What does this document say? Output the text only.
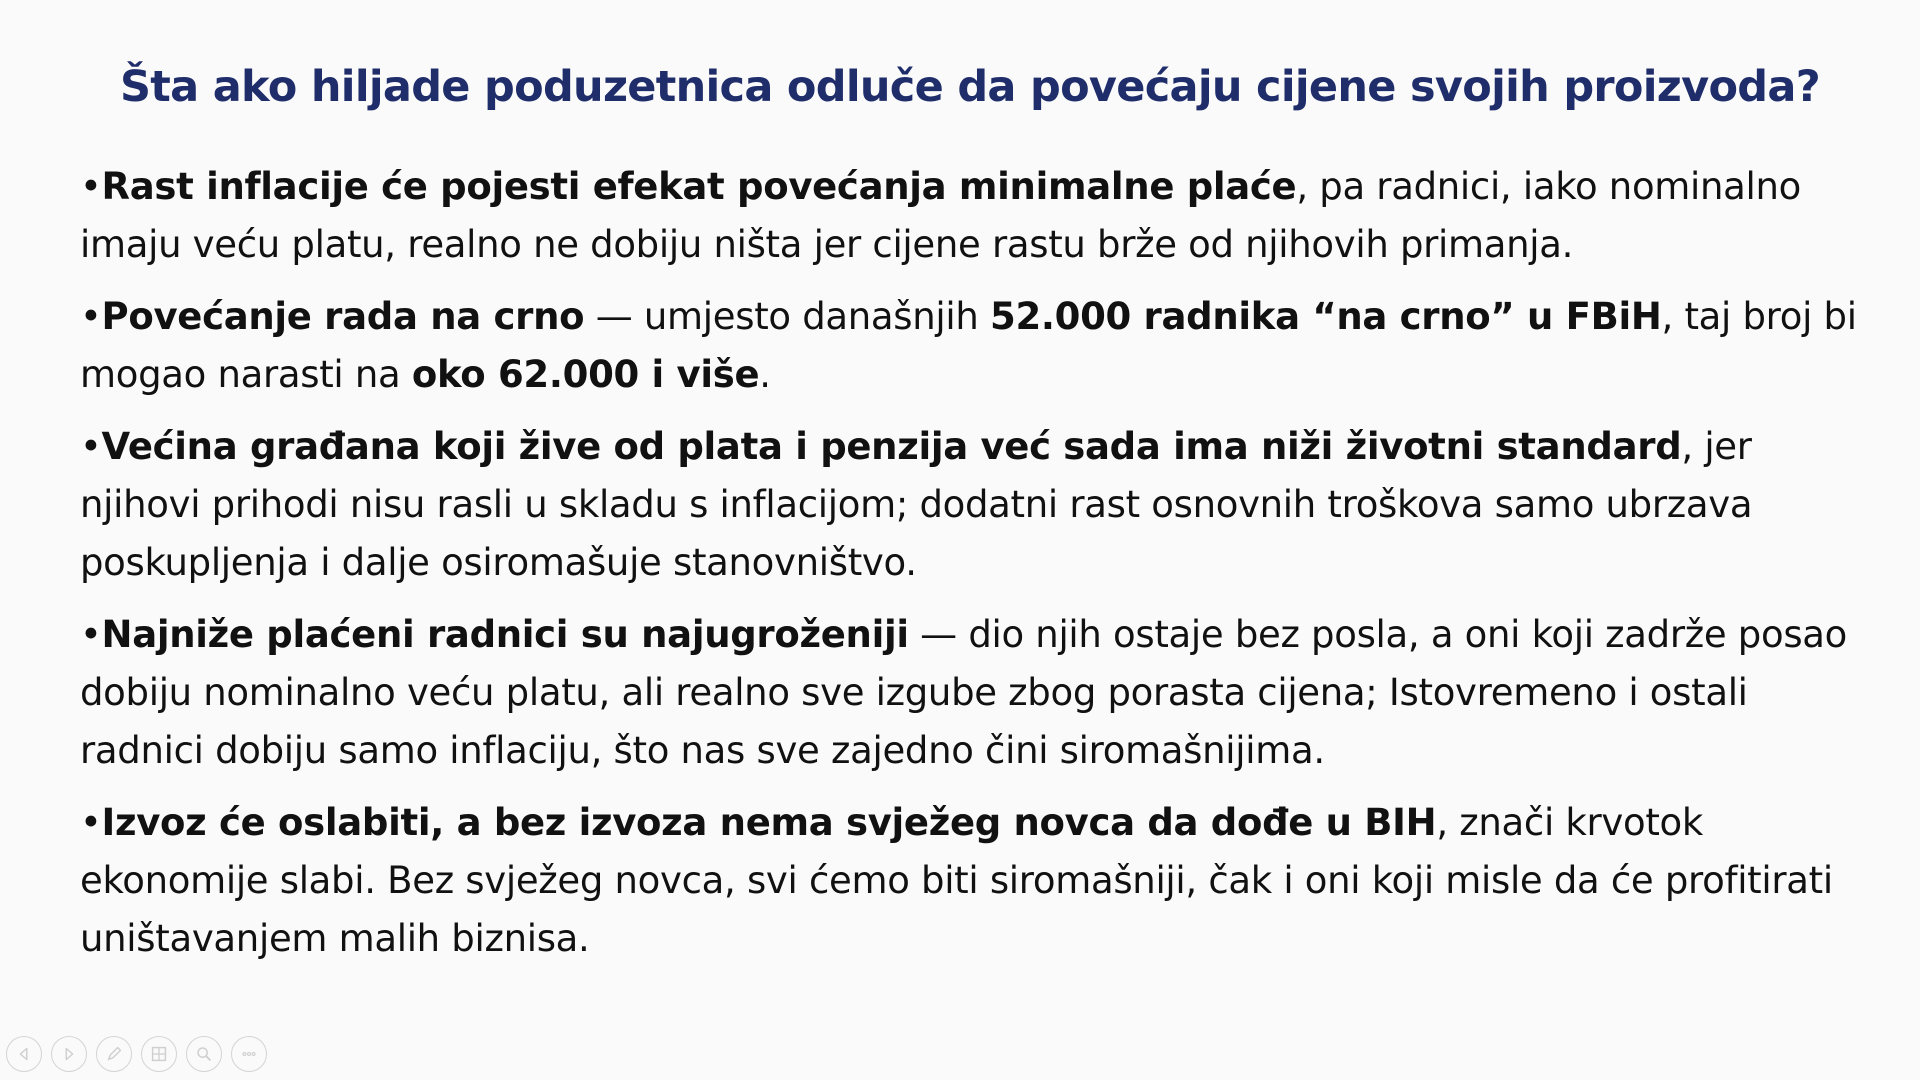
Šta ako hiljade poduzetnica odluče da povećaju cijene svojih proizvoda?
•Rast inflacije će pojesti efekat povećanja minimalne plaće, pa radnici, iako nominalno imaju veću platu, realno ne dobiju ništa jer cijene rastu brže od njihovih primanja.
•Povećanje rada na crno — umjesto današnjih 52.000 radnika “na crno” u FBiH, taj broj bi mogao narasti na oko 62.000 i više.
•Većina građana koji žive od plata i penzija već sada ima niži životni standard, jer njihovi prihodi nisu rasli u skladu s inflacijom; dodatni rast osnovnih troškova samo ubrzava poskupljenja i dalje osiromašuje stanovništvo.
•Najniže plaćeni radnici su najugroženiji — dio njih ostaje bez posla, a oni koji zadrže posao dobiju nominalno veću platu, ali realno sve izgube zbog porasta cijena; Istovremeno i ostali radnici dobiju samo inflaciju, što nas sve zajedno čini siromašnijima.
•Izvoz će oslabiti, a bez izvoza nema svježeg novca da dođe u BIH, znači krvotok ekonomije slabi. Bez svježeg novca, svi ćemo biti siromašniji, čak i oni koji misle da će profitirati uništavanjem malih biznisa.
